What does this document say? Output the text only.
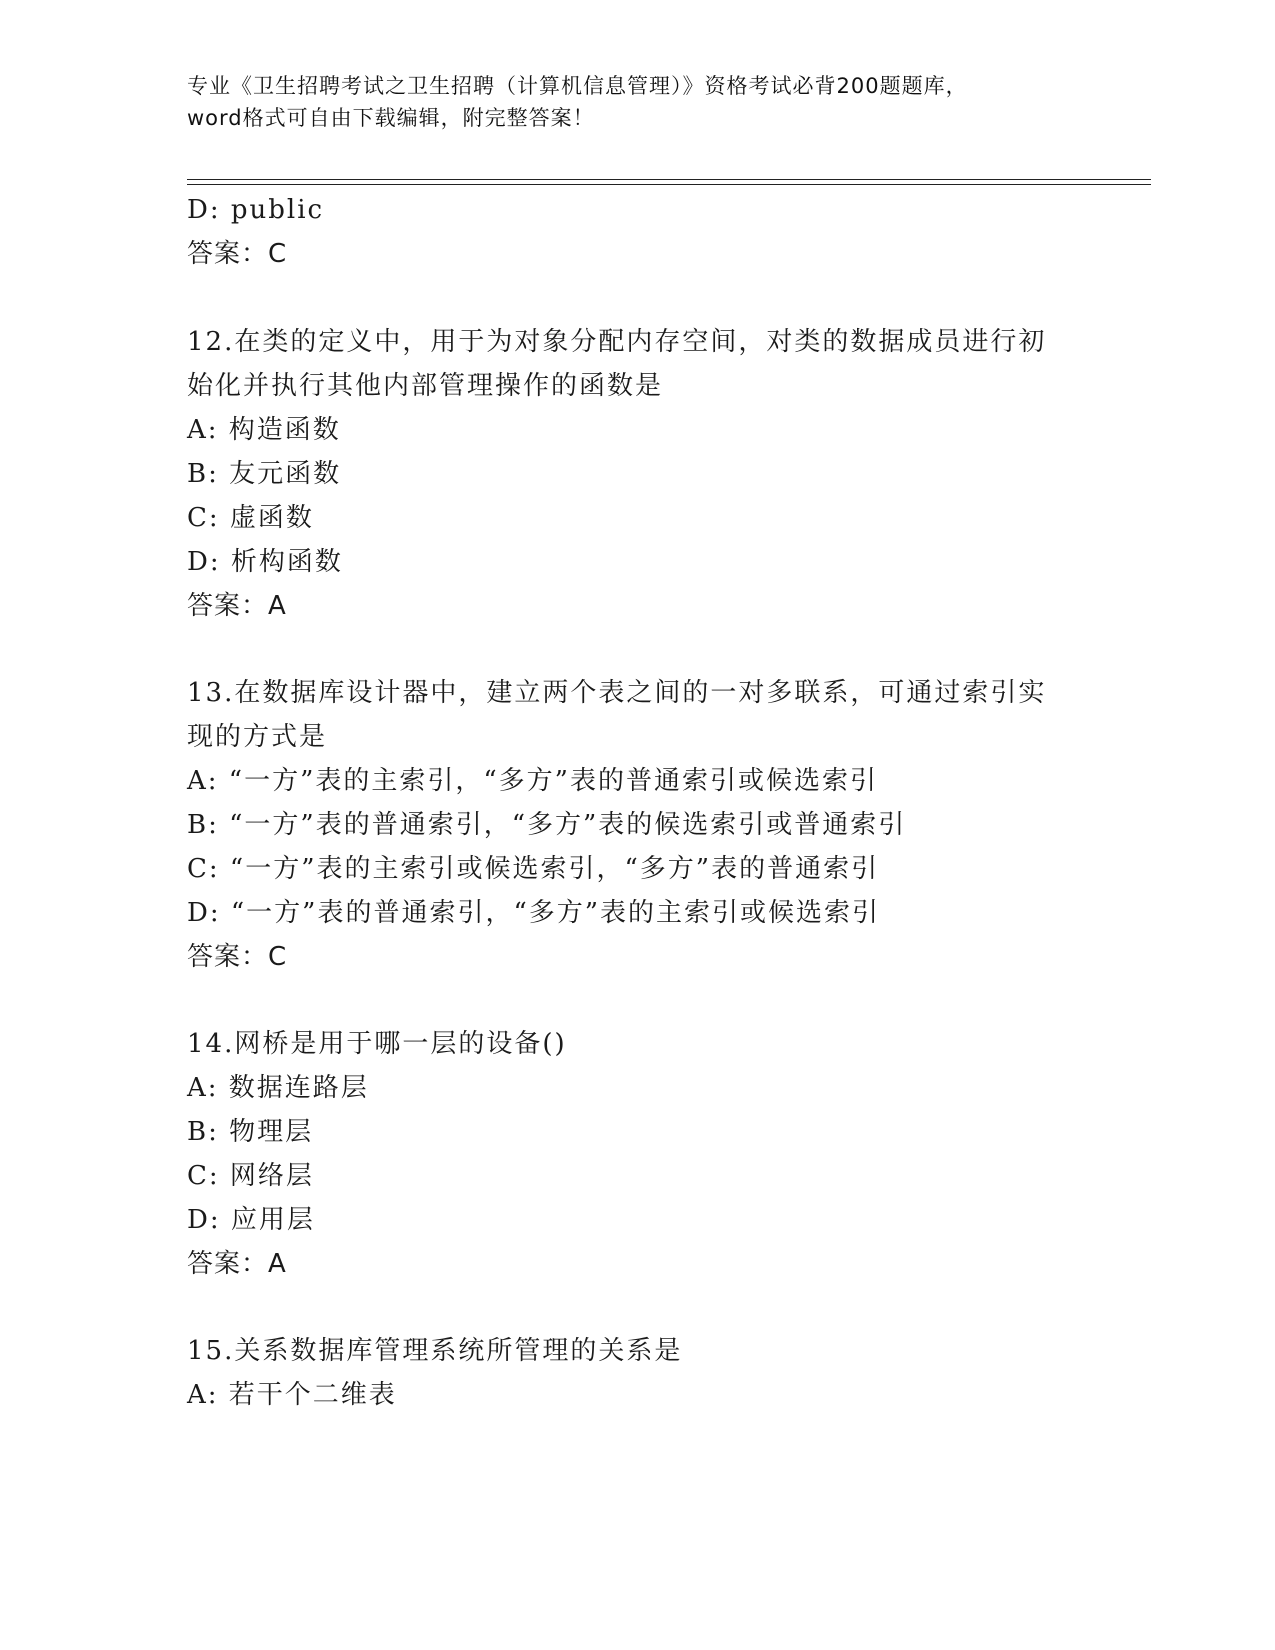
专业《卫生招聘考试之卫生招聘（计算机信息管理）》资格考试必背200题题库，
word格式可自由下载编辑，附完整答案！
D: public
答案：C
12.在类的定义中，用于为对象分配内存空间，对类的数据成员进行初
始化并执行其他内部管理操作的函数是
A: 构造函数
B: 友元函数
C: 虚函数
D: 析构函数
答案：A
13.在数据库设计器中，建立两个表之间的一对多联系，可通过索引实
现的方式是
A: “一方”表的主索引，“多方”表的普通索引或候选索引
B: “一方”表的普通索引，“多方”表的候选索引或普通索引
C: “一方”表的主索引或候选索引，“多方”表的普通索引
D: “一方”表的普通索引，“多方”表的主索引或候选索引
答案：C
14.网桥是用于哪一层的设备()
A: 数据连路层
B: 物理层
C: 网络层
D: 应用层
答案：A
15.关系数据库管理系统所管理的关系是
A: 若干个二维表
